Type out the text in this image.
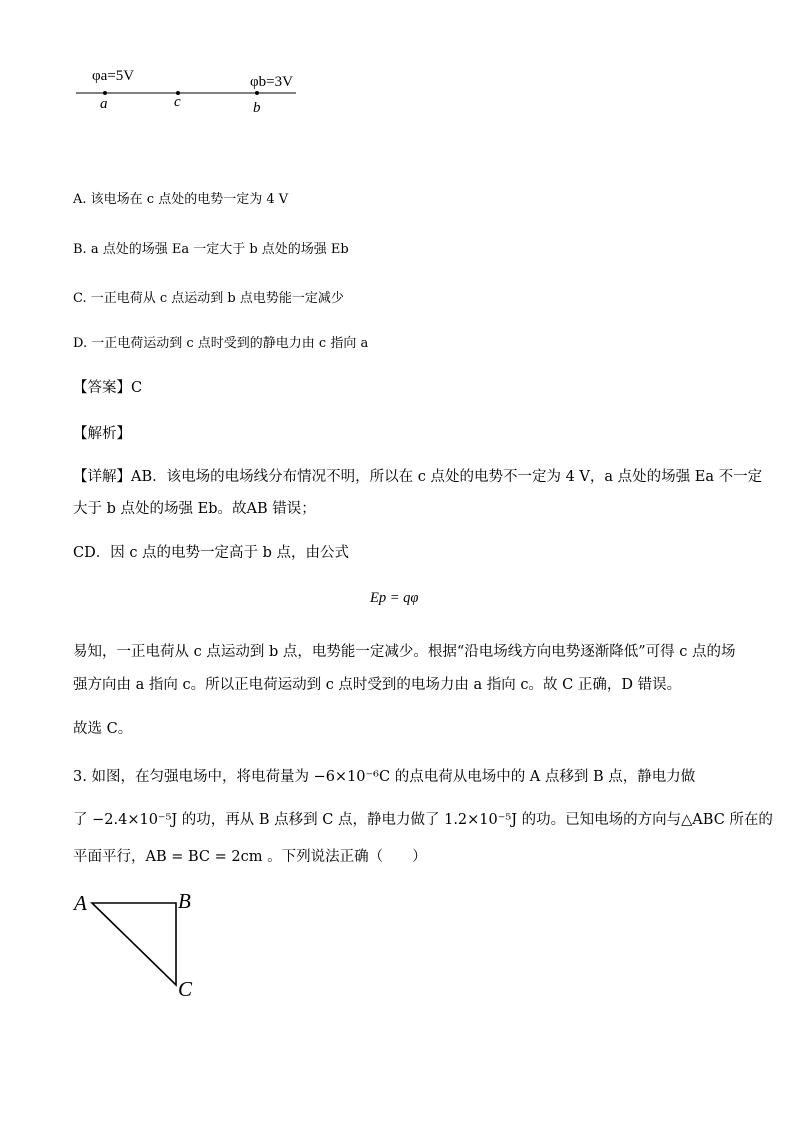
φa=5V	φb=3V
a	c	b
A. 该电场在 c 点处的电势一定为 4 V
B. a 点处的场强 Ea 一定大于 b 点处的场强 Eb
C. 一正电荷从 c 点运动到 b 点电势能一定减少
D. 一正电荷运动到 c 点时受到的静电力由 c 指向 a
【答案】C
【解析】
【详解】AB．该电场的电场线分布情况不明，所以在 c 点处的电势不一定为 4 V，a 点处的场强 Ea 不一定
大于 b 点处的场强 Eb。故AB 错误；
CD．因 c 点的电势一定高于 b 点，由公式
Ep = qφ
易知，一正电荷从 c 点运动到 b 点，电势能一定减少。根据“沿电场线方向电势逐渐降低”可得 c 点的场
强方向由 a 指向 c。所以正电荷运动到 c 点时受到的电场力由 a 指向 c。故 C 正确，D 错误。
故选 C。
3. 如图，在匀强电场中，将电荷量为 −6×10⁻⁶C 的点电荷从电场中的 A 点移到 B 点，静电力做
了 −2.4×10⁻⁵J 的功，再从 B 点移到 C 点，静电力做了 1.2×10⁻⁵J 的功。已知电场的方向与△ABC 所在的
平面平行，AB = BC = 2cm 。下列说法正确（　　）
A	B
C
